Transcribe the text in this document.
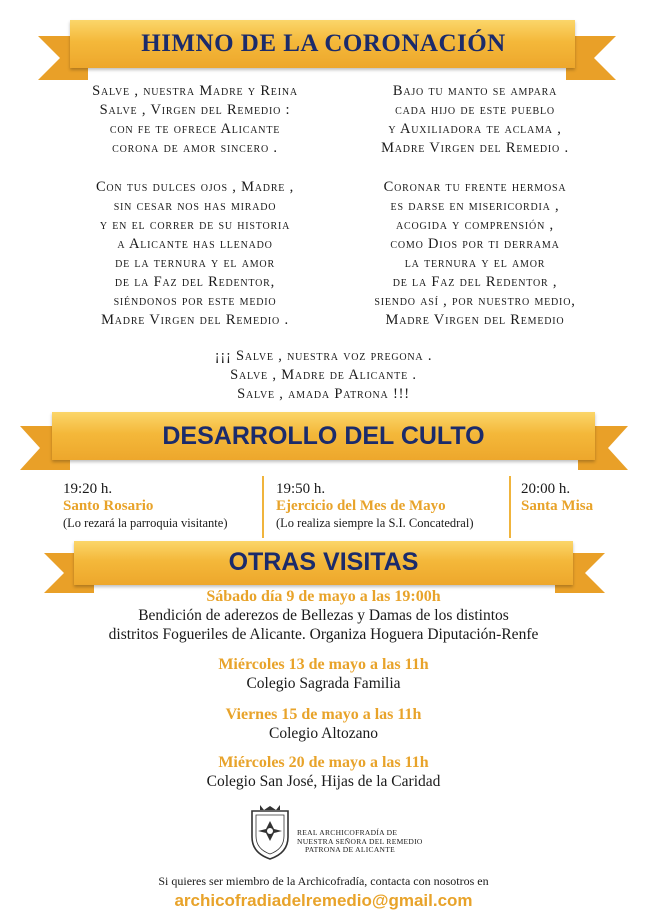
HIMNO DE LA CORONACIÓN
Salve , nuestra Madre y Reina
Salve , Virgen del Remedio :
con fe te ofrece Alicante
corona de amor sincero .
Con tus dulces ojos , Madre ,
sin cesar nos has mirado
y en el correr de su historia
a Alicante has llenado
de la ternura y el amor
de la Faz del Redentor,
siéndonos por este medio
Madre Virgen del Remedio .
Bajo tu manto se ampara
cada hijo de este pueblo
y Auxiliadora te aclama ,
Madre Virgen del Remedio .
Coronar tu frente hermosa
es darse en misericordia ,
acogida y comprensión ,
como Dios por ti derrama
la ternura y el amor
de la Faz del Redentor ,
siendo así , por nuestro medio,
Madre Virgen del Remedio
¡¡¡ Salve , nuestra voz pregona .
Salve , Madre de Alicante .
Salve , amada Patrona !!!
DESARROLLO DEL CULTO
19:20 h.
Santo Rosario
(Lo rezará la parroquia visitante)
19:50 h.
Ejercicio del Mes de Mayo
(Lo realiza siempre la S.I. Concatedral)
20:00 h.
Santa Misa
OTRAS VISITAS
Sábado día 9 de mayo a las 19:00h
Bendición de aderezos de Bellezas y Damas de los distintos
distritos Fogueriles de Alicante. Organiza Hoguera Diputación-Renfe
Miércoles 13 de mayo a las 11h
Colegio Sagrada Familia
Viernes 15 de mayo a las 11h
Colegio Altozano
Miércoles 20 de mayo a las 11h
Colegio San José, Hijas de la Caridad
REAL ARCHICOFRADÍA DE
NUESTRA SEÑORA DEL REMEDIO
PATRONA DE ALICANTE
Si quieres ser miembro de la Archicofradía, contacta con nosotros en
archicofradiadelremedio@gmail.com
